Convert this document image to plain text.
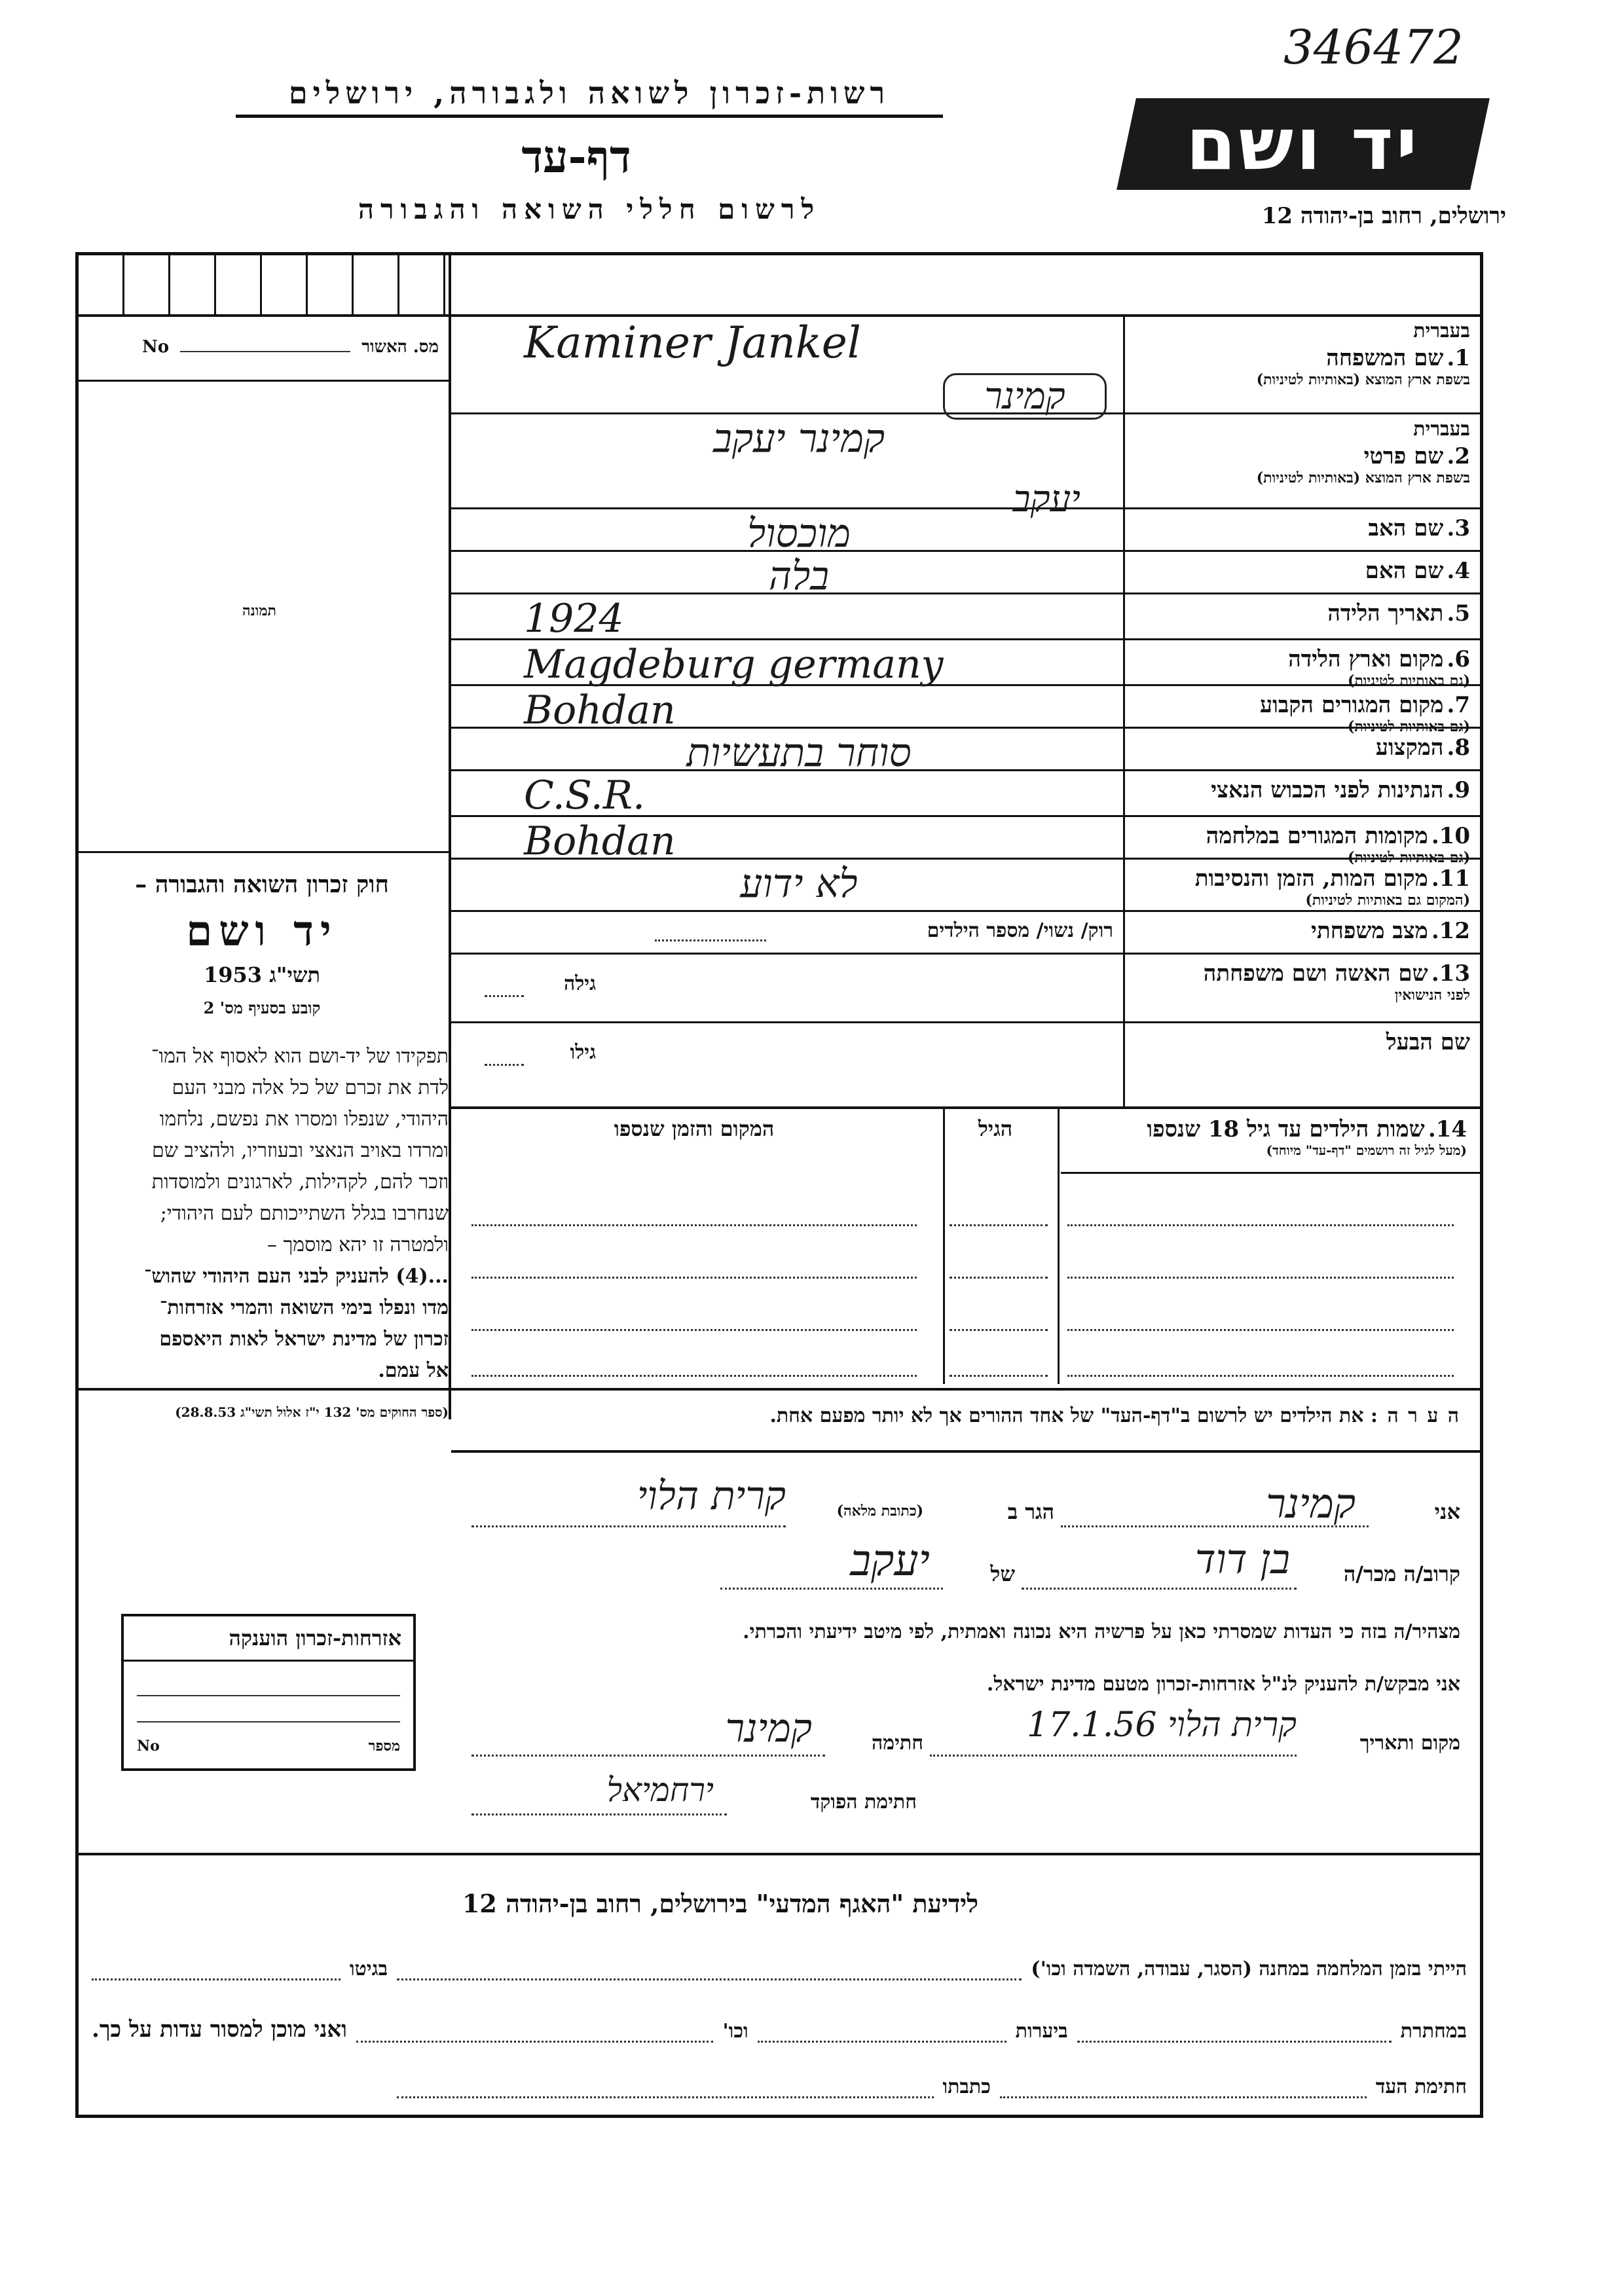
346472
רשות-זכרון לשואה ולגבורה, ירושלים
דף-עד
לרשום חללי השואה והגבורה
יד ושם
ירושלים, רחוב בן-יהודה 12
מס. האשור  No
תמונה
חוק זכרון השואה והגבורה –
יד ושם
תשי"ג 1953
קובע בסעיף מס' 2
תפקידו של יד-ושם הוא לאסוף אל המו־
לדת את זכרם של כל אלה מבני העם
היהודי, שנפלו ומסרו את נפשם, נלחמו
ומרדו באויב הנאצי ובעוזריו, ולהציב שם
וזכר להם, לקהילות, לארגונים ולמוסדות
שנחרבו בגלל השתייכותם לעם היהודי;
ולמטרה זו יהא מוסמך –
...(4) להעניק לבני העם היהודי שהוש־
מדו ונפלו בימי השואה והמרי אזרחות־
זכרון של מדינת ישראל לאות היאספם
אל עמם.
(ספר החוקים מס' 132 י"ז אלול תשי"ג 28.8.53)
אזרחות-זכרון הוענקה
No	מספר
בעברית
1. שם המשפחה
בשפת ארץ המוצא (באותיות לטיניות)
Kaminer Jankel
קמינר
בעברית
2. שם פרטי
בשפת ארץ המוצא (באותיות לטיניות)
קמינר יעקב
יעקב
3. שם האב
מוכסול
4. שם האם
בלה
5. תאריך הלידה
1924
6. מקום וארץ הלידה
(גם באותיות לטיניות)
Magdeburg germany
7. מקום המגורים הקבוע
(גם באותיות לטיניות)
Bohdan
8. המקצוע
סוחר בתעשיות
9. הנתינות לפני הכבוש הנאצי
C.S.R.
10. מקומות המגורים במלחמה
(גם באותיות לטיניות)
Bohdan
11. מקום המות, הזמן והנסיבות
(המקום גם באותיות לטיניות)
לא ידוע
12. מצב משפחתי
רוק/ נשוי/ מספר הילדים
13. שם האשה ושם משפחתה
לפני הנישואין
גילה
שם הבעל
גילו
14. שמות הילדים עד גיל 18 שנספו
(מעל לגיל זה רושמים "דף-עד" מיוחד)
הגיל
המקום והזמן שנספו
ה ע ר ה : את הילדים יש לרשום ב"דף-העד" של אחד ההורים אך לא יותר מפעם אחת.
אני
קמינר
הגר ב
(כתובת מלאה)
קרית הלוי
קרוב/ה מכר/ה
בן דוד
של
יעקב
מצהיר/ה בזה כי העדות שמסרתי כאן על פרשיה היא נכונה ואמתית, לפי מיטב ידיעתי והכרתי.
אני מבקש/ת להעניק לנ"ל אזרחות-זכרון מטעם מדינת ישראל.
מקום ותאריך
קרית הלוי 17.1.56
חתימה
קמינר
חתימת הפוקד
ירחמיאל
לידיעת "האגף המדעי" בירושלים, רחוב בן-יהודה 12
הייתי בזמן המלחמה במחנה (הסגר, עבודה, השמדה וכו')
בגיטו
במחתרת
ביערות
וכו'
ואני מוכן למסור עדות על כך.
חתימת העד
כתבתו
